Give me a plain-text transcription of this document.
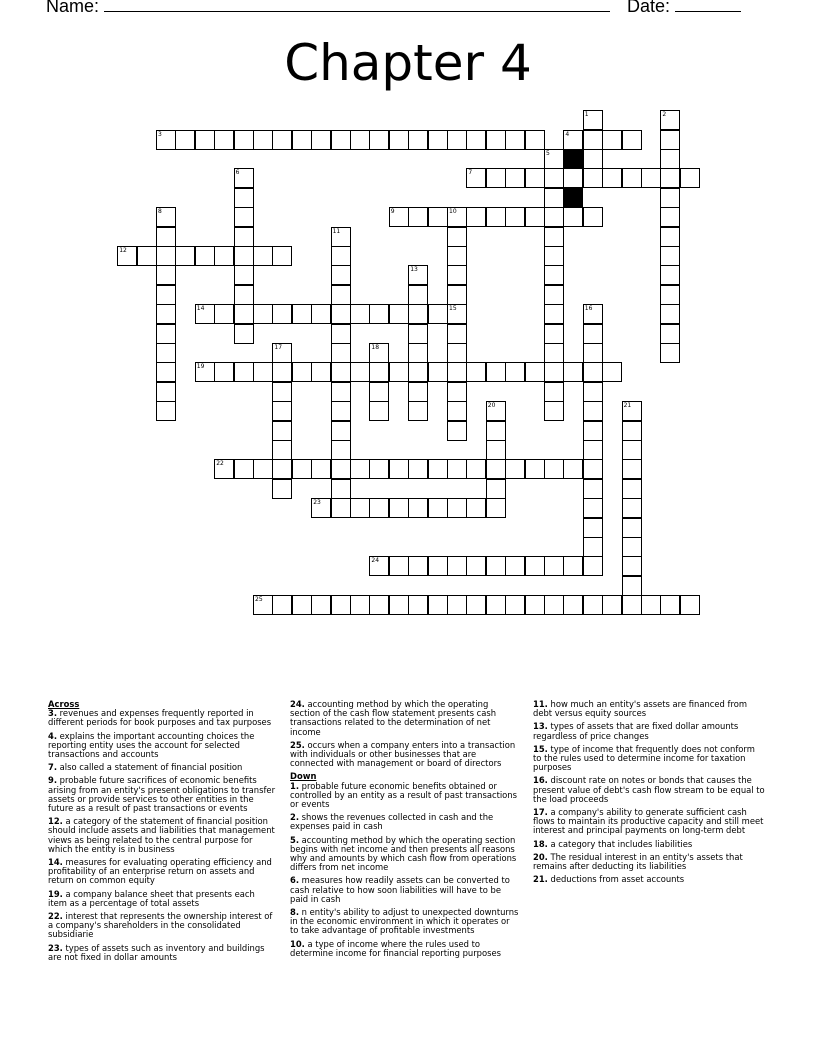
Name:	Date:
Chapter 4
1	2
3	4
5
6	7
8	9	10
11
12
13
14	15	16
17	18
19
20	21
22
23
24
25
Across
3. revenues and expenses frequently reported in different periods for book purposes and tax purposes
4. explains the important accounting choices the reporting entity uses the account for selected transactions and accounts
7. also called a statement of financial position
9. probable future sacrifices of economic benefits arising from an entity's present obligations to transfer assets or provide services to other entities in the future as a result of past transactions or events
12. a category of the statement of financial position should include assets and liabilities that management views as being related to the central purpose for which the entity is in business
14. measures for evaluating operating efficiency and profitability of an enterprise return on assets and return on common equity
19. a company balance sheet that presents each item as a percentage of total assets
22. interest that represents the ownership interest of a company's shareholders in the consolidated subsidiarie
23. types of assets such as inventory and buildings are not fixed in dollar amounts
24. accounting method by which the operating section of the cash flow statement presents cash transactions related to the determination of net income
25. occurs when a company enters into a transaction with individuals or other businesses that are connected with management or board of directors
Down
1. probable future economic benefits obtained or controlled by an entity as a result of past transactions or events
2. shows the revenues collected in cash and the expenses paid in cash
5. accounting method by which the operating section begins with net income and then presents all reasons why and amounts by which cash flow from operations differs from net income
6. measures how readily assets can be converted to cash relative to how soon liabilities will have to be paid in cash
8. n entity's ability to adjust to unexpected downturns in the economic environment in which it operates or to take advantage of profitable investments
10. a type of income where the rules used to determine income for financial reporting purposes
11. how much an entity's assets are financed from debt versus equity sources
13. types of assets that are fixed dollar amounts regardless of price changes
15. type of income that frequently does not conform to the rules used to determine income for taxation purposes
16. discount rate on notes or bonds that causes the present value of debt's cash flow stream to be equal to the load proceeds
17. a company's ability to generate sufficient cash flows to maintain its productive capacity and still meet interest and principal payments on long-term debt
18. a category that includes liabilities
20. The residual interest in an entity's assets that remains after deducting its liabilities
21. deductions from asset accounts
